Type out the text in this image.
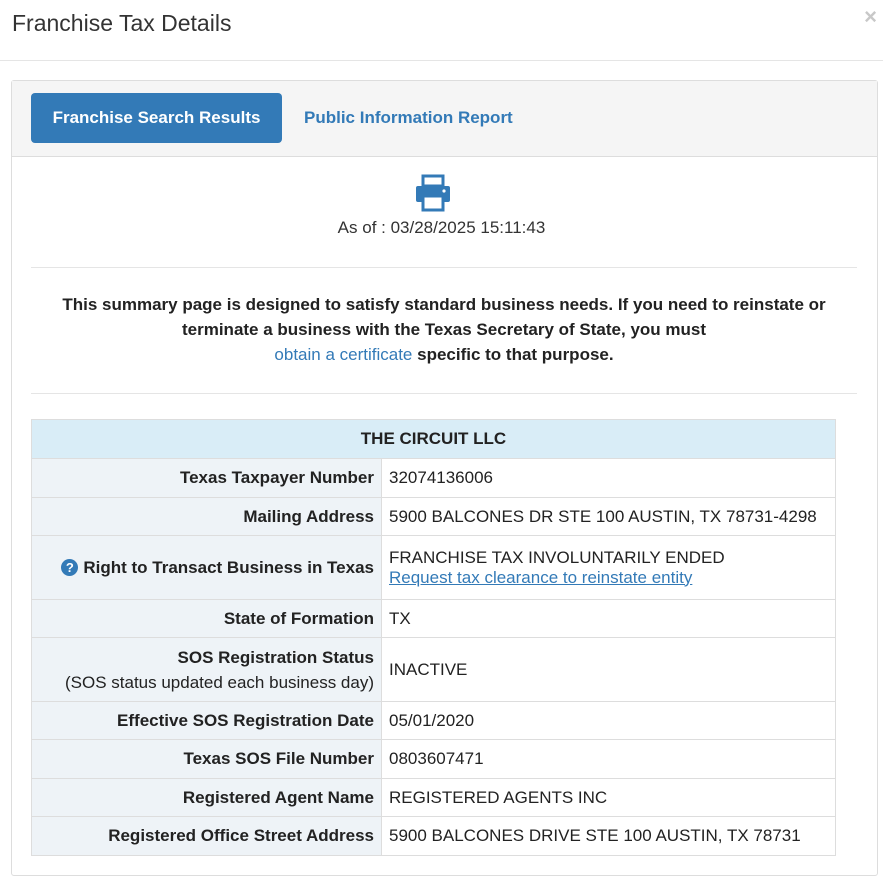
Franchise Tax Details	×
Franchise Search Results	Public Information Report
As of : 03/28/2025 15:11:43
This summary page is designed to satisfy standard business needs. If you need to reinstate or terminate a business with the Texas Secretary of State, you must
obtain a certificate specific to that purpose.
THE CIRCUIT LLC	
Texas Taxpayer Number	32074136006
Mailing Address	5900 BALCONES DR STE 100 AUSTIN, TX 78731-4298
? Right to Transact Business in Texas	FRANCHISE TAX INVOLUNTARILY ENDED
Request tax clearance to reinstate entity
State of Formation	TX

SOS Registration Status
(SOS status updated each business day)	INACTIVE
Effective SOS Registration Date	05/01/2020
Texas SOS File Number	0803607471
Registered Agent Name	REGISTERED AGENTS INC
Registered Office Street Address	5900 BALCONES DRIVE STE 100 AUSTIN, TX 78731
